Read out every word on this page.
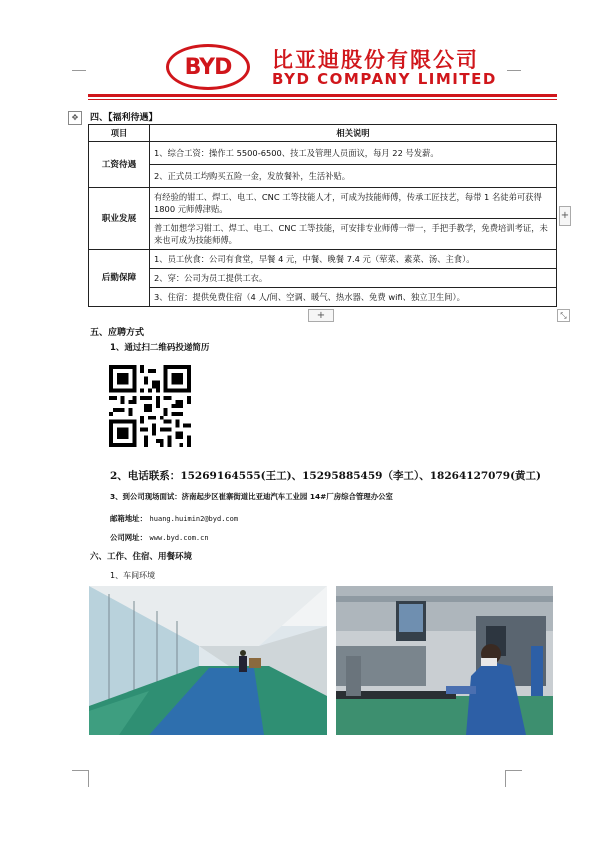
BYD 比亚迪股份有限公司
BYD COMPANY LIMITED
✥	四、【福利待遇】
项目	相关说明
工资待遇	1、综合工资：操作工 5500-6500、技工及管理人员面议，每月 22 号发薪。
	2、正式员工均购买五险一金，发放餐补，生活补贴。
职业发展	有经验的钳工、焊工、电工、CNC 工等技能人才，可成为技能师傅，传承工匠技艺，每带 1 名徒弟可获得 1800 元师傅津贴。
	普工如想学习钳工、焊工、电工、CNC 工等技能，可安排专业师傅一带一，手把手教学，免费培训考证，未来也可成为技能师傅。
后勤保障	1、员工伙食：公司有食堂，早餐 4 元，中餐、晚餐 7.4 元（荤菜、素菜、汤、主食）。
	2、穿：公司为员工提供工衣。
	3、住宿：提供免费住宿（4 人/间、空调、暖气、热水器、免费 wifi、独立卫生间）。
+
+
⤡
五、应聘方式
1、通过扫二维码投递简历
2、电话联系：15269164555(王工)、15295885459（李工）、18264127079(黄工)
3、到公司现场面试：济南起步区崔寨街道比亚迪汽车工业园 14#厂房综合管理办公室
邮箱地址： huang.huimin2@byd.com
公司网址： www.byd.com.cn
六、工作、住宿、用餐环境
1、车间环境
